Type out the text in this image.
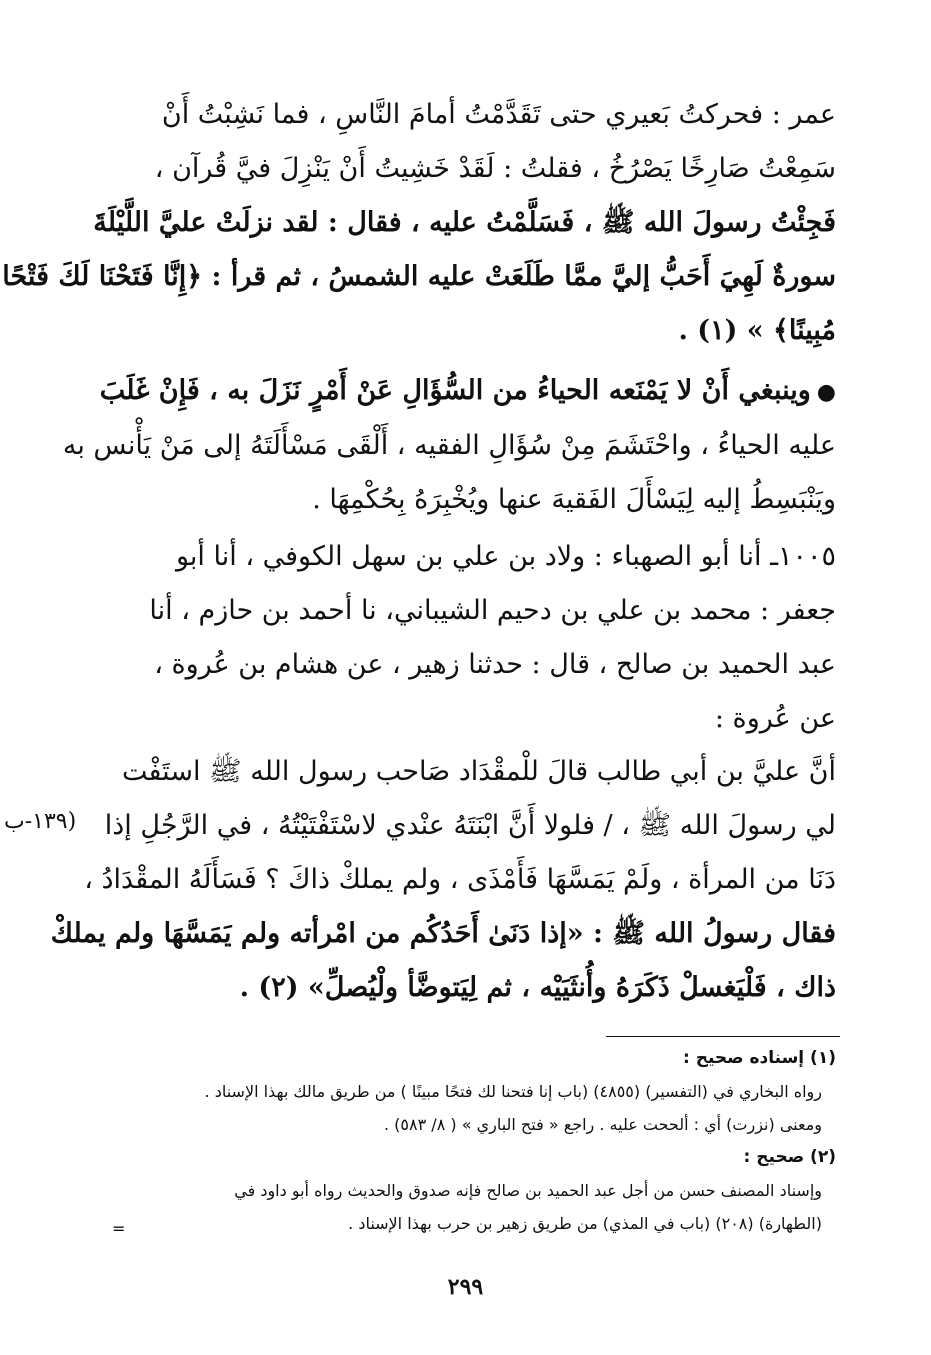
عمر : فحركتُ بَعيري حتى تَقَدَّمْتُ أمامَ النَّاسِ ، فما نَشِبْتُ أَنْ
سَمِعْتُ صَارِخًا يَصْرُخُ ، فقلتُ : لَقَدْ خَشِيتُ أَنْ يَنْزِلَ فيَّ قُرآن ،
فَجِئْتُ رسولَ الله ﷺ ، فَسَلَّمْتُ عليه ، فقال : لقد نزلَتْ عليَّ اللَّيْلَةَ
سورةٌ لَهِيَ أَحَبُّ إليَّ ممَّا طَلَعَتْ عليه الشمسُ ، ثم قرأ : ﴿إِنَّا فَتَحْنَا لَكَ فَتْحًا
مُبِينًا﴾ » (١) .
●وينبغي أَنْ لا يَمْنَعه الحياءُ من السُّؤَالِ عَنْ أَمْرٍ نَزَلَ به ، فَإِنْ غَلَبَ
عليه الحياءُ ، واحْتَشَمَ مِنْ سُؤَالِ الفقيه ، أَلْقَى مَسْأَلَتَهُ إلى مَنْ يَأْنس به
ويَنْبَسِطُ إليه لِيَسْأَلَ الفَقيهَ عنها ويُخْبِرَهُ بِحُكْمِهَا .
١٠٠٥ـ أنا أبو الصهباء : ولاد بن علي بن سهل الكوفي ، أنا أبو
جعفر : محمد بن علي بن دحيم الشيباني، نا أحمد بن حازم ، أنا
عبد الحميد بن صالح ، قال : حدثنا زهير ، عن هشام بن عُروة ،
عن عُروة :
أنَّ عليَّ بن أبي طالب قالَ للْمقْدَاد صَاحب رسول الله ﷺ استَفْت
لي رسولَ الله ﷺ ، / فلولا أَنَّ ابْنَتَهُ عنْدي لاسْتَفْتَيْتُهُ ، في الرَّجُلِ إذا
دَنَا من المرأة ، ولَمْ يَمَسَّهَا فَأَمْذَى ، ولم يملكْ ذاكَ ؟ فَسَأَلَهُ المقْدَادُ ،
فقال رسولُ الله ﷺ : «إذا دَنَىٰ أَحَدُكُم من امْرأته ولم يَمَسَّهَا ولم يملكْ
ذاك ، فَلْيَغسلْ ذَكَرَهُ وأُنثَيَيْه ، ثم لِيَتوضَّأ ولْيُصلِّ» (٢) .
(١٣٩-ب
(١) إسناده صحيح :
رواه البخاري في (التفسير) (٤٨٥٥) (باب إنا فتحنا لك فتحًا مبينًا ) من طريق مالك بهذا الإسناد .
ومعنى (نزرت) أي : ألححت عليه . راجع « فتح الباري » ( ٨/ ٥٨٣) .
(٢) صحيح :
وإسناد المصنف حسن من أجل عبد الحميد بن صالح فإنه صدوق والحديث رواه أبو داود في
(الطهارة) (٢٠٨) (باب في المذي) من طريق زهير بن حرب بهذا الإسناد .
=
٢٩٩
